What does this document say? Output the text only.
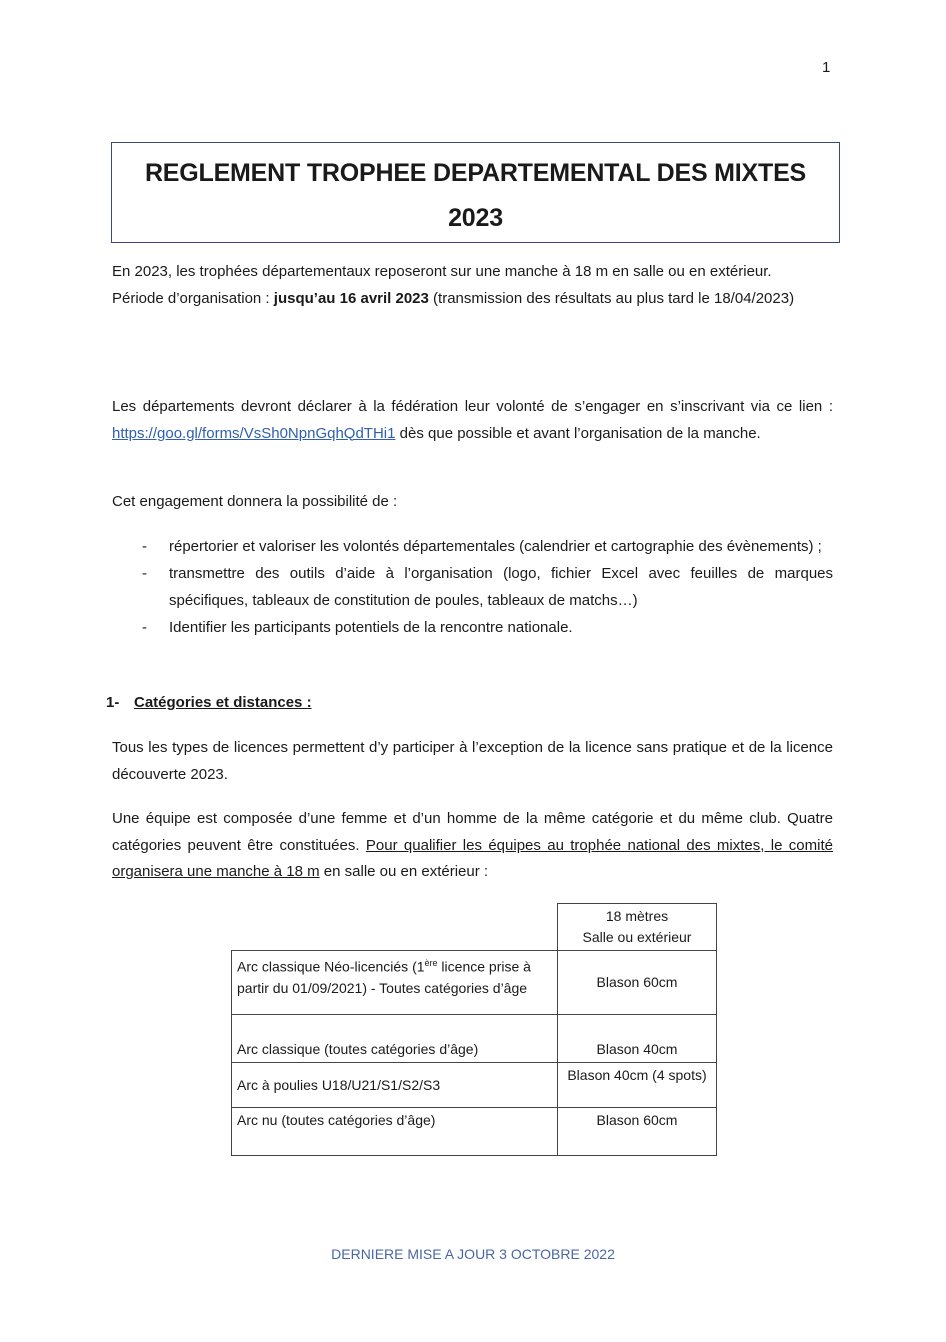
1
REGLEMENT TROPHEE DEPARTEMENTAL DES MIXTES
2023

En 2023, les trophées départementaux reposeront sur une manche à 18 m en salle ou en extérieur.

Période d’organisation : jusqu’au 16 avril 2023 (transmission des résultats au plus tard le 18/04/2023)

Les départements devront déclarer à la fédération leur volonté de s’engager en s’inscrivant via ce lien : https://goo.gl/forms/VsSh0NpnGqhQdTHi1 dès que possible et avant l’organisation de la manche.

Cet engagement donnera la possibilité de :
- répertorier et valoriser les volontés départementales (calendrier et cartographie des évènements) ;
- transmettre des outils d’aide à l’organisation (logo, fichier Excel avec feuilles de marques spécifiques, tableaux de constitution de poules, tableaux de matchs…)
- Identifier les participants potentiels de la rencontre nationale.
1- Catégories et distances :
Tous les types de licences permettent d’y participer à l’exception de la licence sans pratique et de la licence découverte 2023.

Une équipe est composée d’une femme et d’un homme de la même catégorie et du même club. Quatre catégories peuvent être constituées. Pour qualifier les équipes au trophée national des mixtes, le comité organisera une manche à 18 m en salle ou en extérieur :

	18 mètres
Salle ou extérieur

Arc classique Néo-licenciés (1ère licence prise à partir du 01/09/2021) - Toutes catégories d’âge	Blason 60cm
Arc classique (toutes catégories d’âge)	Blason 40cm
Arc à poulies U18/U21/S1/S2/S3	Blason 40cm (4 spots)
Arc nu (toutes catégories d’âge)	Blason 60cm
DERNIERE MISE A JOUR 3 OCTOBRE 2022
